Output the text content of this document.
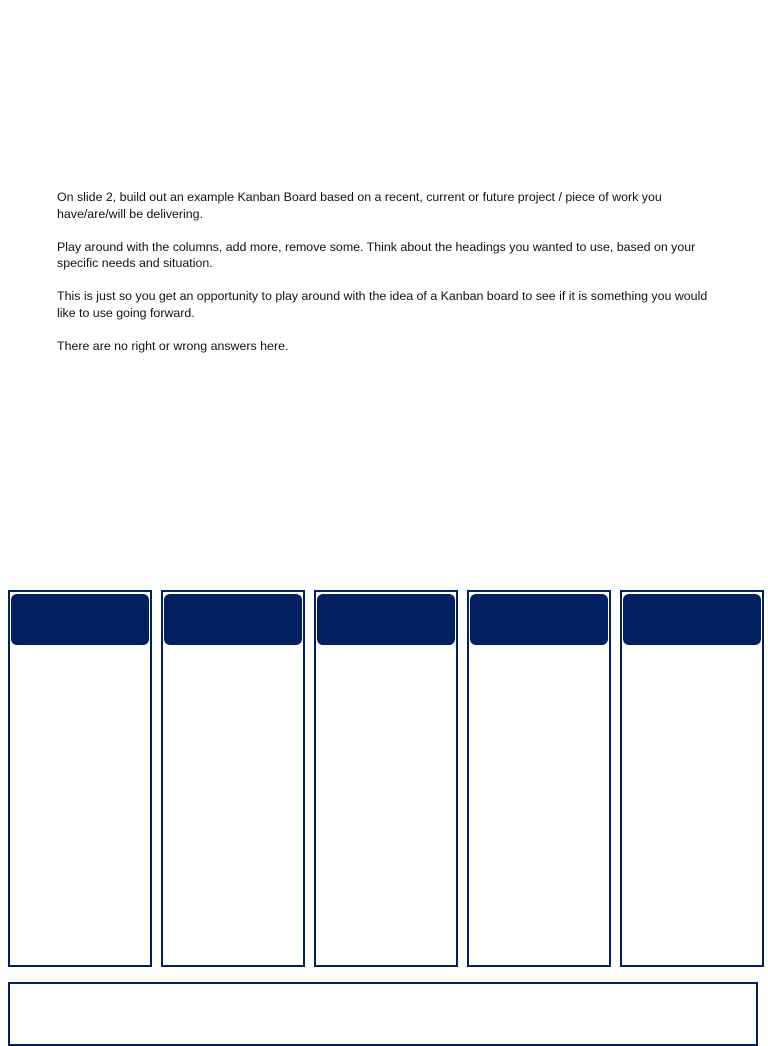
On slide 2, build out an example Kanban Board based on a recent, current or future project / piece of work you have/are/will be delivering.

Play around with the columns, add more, remove some. Think about the headings you wanted to use, based on your specific needs and situation.

This is just so you get an opportunity to play around with the idea of a Kanban board to see if it is something you would like to use going forward.

There are no right or wrong answers here.
